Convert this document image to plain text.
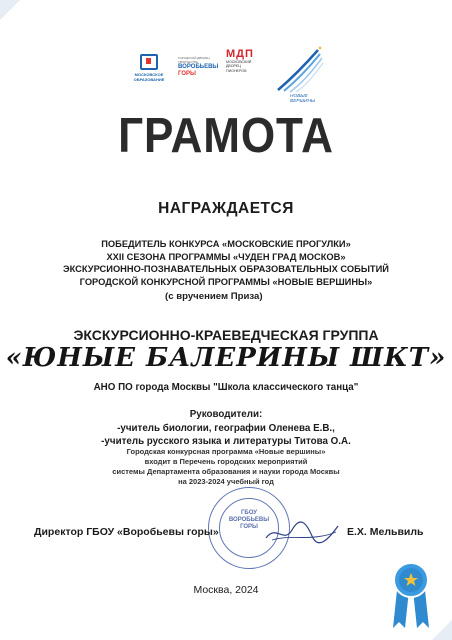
МОСКОВСКОЕ ОБРАЗОВАНИЕ
ГОРОДСКОЙ ДВОРЕЦ ТВОРЧЕСТВА
ВОРОБЬЕВЫ
ГОРЫ
МДП
МОСКОВСКИЙ ДВОРЕЦ ПИОНЕРОВ
НОВЫЕ ВЕРШИНЫ
ГРАМОТА
НАГРАЖДАЕТСЯ
ПОБЕДИТЕЛЬ КОНКУРСА «МОСКОВСКИЕ ПРОГУЛКИ»
XXII СЕЗОНА ПРОГРАММЫ «ЧУДЕН ГРАД МОСКОВ»
ЭКСКУРСИОННО-ПОЗНАВАТЕЛЬНЫХ ОБРАЗОВАТЕЛЬНЫХ СОБЫТИЙ
ГОРОДСКОЙ КОНКУРСНОЙ ПРОГРАММЫ «НОВЫЕ ВЕРШИНЫ»
(с вручением Приза)
ЭКСКУРСИОННО-КРАЕВЕДЧЕСКАЯ ГРУППА
«ЮНЫЕ БАЛЕРИНЫ ШКТ»
АНО ПО города Москвы "Школа классического танца"
Руководители:
-учитель биологии, географии Оленева Е.В.,
-учитель русского языка и литературы Титова О.А.
Городская конкурсная программа «Новые вершины»
входит в Перечень городских мероприятий
системы Департамента образования и науки города Москвы
на 2023-2024 учебный год
ГБОУ
ВОРОБЬЕВЫ
ГОРЫ
Директор ГБОУ «Воробьевы горы»	Е.Х. Мельвиль
Москва, 2024
